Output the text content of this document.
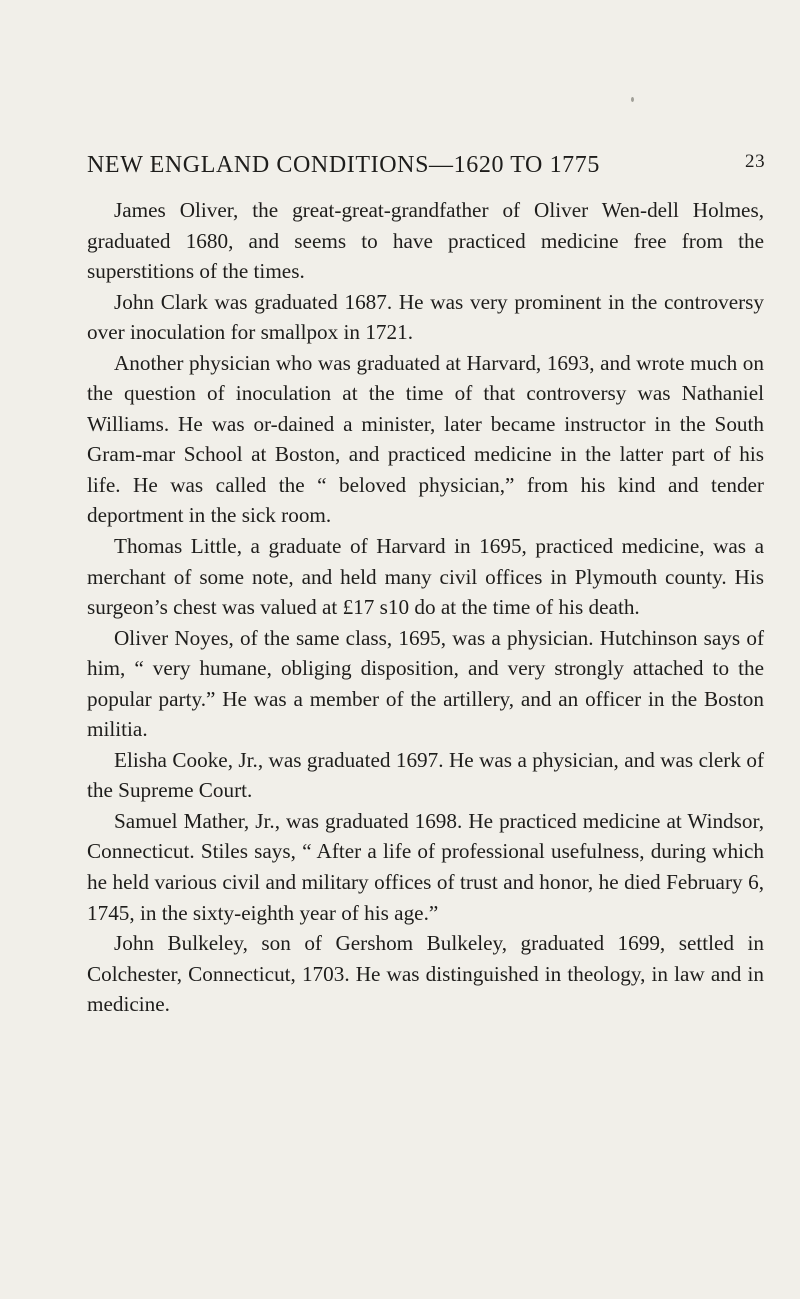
NEW ENGLAND CONDITIONS—1620 TO 1775	23

James Oliver, the great-great-grandfather of Oliver Wen-dell Holmes, graduated 1680, and seems to have practiced medicine free from the superstitions of the times.

John Clark was graduated 1687. He was very prominent in the controversy over inoculation for smallpox in 1721.

Another physician who was graduated at Harvard, 1693, and wrote much on the question of inoculation at the time of that controversy was Nathaniel Williams. He was or-dained a minister, later became instructor in the South Gram-mar School at Boston, and practiced medicine in the latter part of his life. He was called the “ beloved physician,” from his kind and tender deportment in the sick room.

Thomas Little, a graduate of Harvard in 1695, practiced medicine, was a merchant of some note, and held many civil offices in Plymouth county. His surgeon’s chest was valued at £17 s10 do at the time of his death.

Oliver Noyes, of the same class, 1695, was a physician. Hutchinson says of him, “ very humane, obliging disposition, and very strongly attached to the popular party.” He was a member of the artillery, and an officer in the Boston militia.

Elisha Cooke, Jr., was graduated 1697. He was a physician, and was clerk of the Supreme Court.

Samuel Mather, Jr., was graduated 1698. He practiced medicine at Windsor, Connecticut. Stiles says, “ After a life of professional usefulness, during which he held various civil and military offices of trust and honor, he died February 6, 1745, in the sixty-eighth year of his age.”

John Bulkeley, son of Gershom Bulkeley, graduated 1699, settled in Colchester, Connecticut, 1703. He was distinguished in theology, in law and in medicine.
